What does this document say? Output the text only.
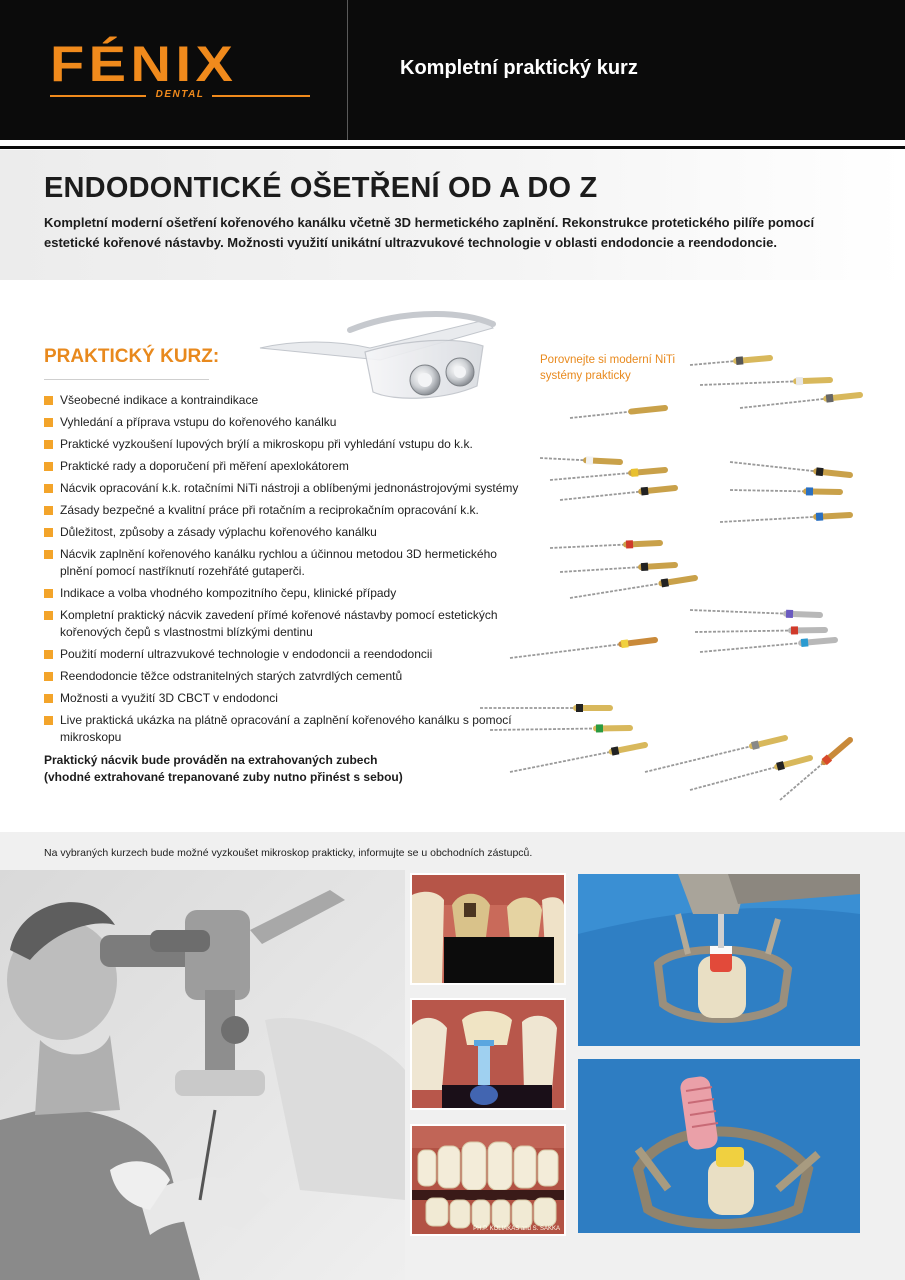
FÉNIX
DENTAL
Kompletní praktický kurz
ENDODONTICKÉ OŠETŘENÍ OD A DO Z
Kompletní moderní ošetření kořenového kanálku včetně 3D hermetického zaplnění. Rekonstrukce protetického pilíře pomocí estetické kořenové nástavby. Možnosti využití unikátní ultrazvukové technologie v oblasti endodoncie a reendodoncie.
PRAKTICKÝ KURZ:
Všeobecné indikace a kontraindikace
Vyhledání a příprava vstupu do kořenového kanálku
Praktické vyzkoušení lupových brýlí a mikroskopu při vyhledání vstupu do k.k.
Praktické rady a doporučení při měření apexlokátorem
Nácvik opracování k.k. rotačními NiTi nástroji a oblíbenými jednonástrojovými systémy
Zásady bezpečné a kvalitní práce při rotačním a reciprokačním opracování k.k.
Důležitost, způsoby a zásady výplachu kořenového kanálku
Nácvik zaplnění kořenového kanálku rychlou a účinnou metodou 3D hermetického plnění pomocí nastříknutí rozehřáté gutaperči.
Indikace a volba vhodného kompozitního čepu, klinické případy
Kompletní praktický nácvik zavedení přímé kořenové nástavby pomocí estetických kořenových čepů s vlastnostmi blízkými dentinu
Použití moderní ultrazvukové technologie v endodoncii a reendodoncii
Reendodoncie těžce odstranitelných starých zatvrdlých cementů
Možnosti a využití 3D CBCT v endodonci
Live praktická ukázka na plátně opracování a zaplnění kořenového kanálku s pomocí mikroskopu
Praktický nácvik bude prováděn na extrahovaných zubech
(vhodné extrahované trepanované zuby nutno přinést s sebou)
Porovnejte si moderní NiTi systémy prakticky
Na vybraných kurzech bude možné vyzkoušet mikroskop prakticky, informujte se u obchodních zástupců.
PH.P. KOLIAKAS and S. SAKKA
